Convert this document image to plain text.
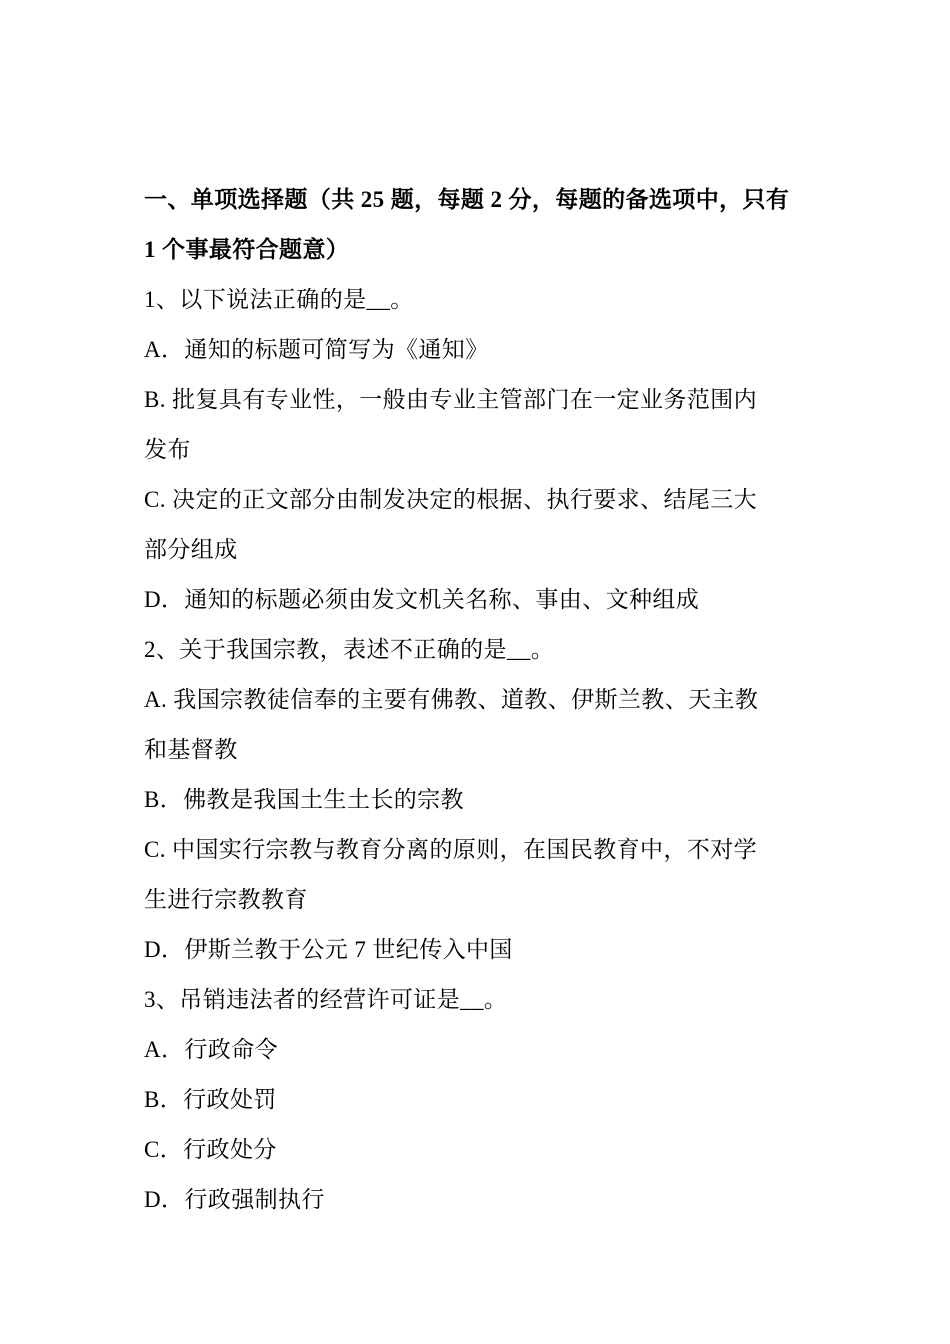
一、单项选择题（共 25 题，每题 2 分，每题的备选项中，只有
1 个事最符合题意）
1、以下说法正确的是__。
A．通知的标题可简写为《通知》
B. 批复具有专业性，一般由专业主管部门在一定业务范围内
发布
C. 决定的正文部分由制发决定的根据、执行要求、结尾三大
部分组成
D．通知的标题必须由发文机关名称、事由、文种组成
2、关于我国宗教，表述不正确的是__。
A. 我国宗教徒信奉的主要有佛教、道教、伊斯兰教、天主教
和基督教
B．佛教是我国土生土长的宗教
C. 中国实行宗教与教育分离的原则，在国民教育中，不对学
生进行宗教教育
D．伊斯兰教于公元 7 世纪传入中国
3、吊销违法者的经营许可证是__。
A．行政命令
B．行政处罚
C．行政处分
D．行政强制执行
